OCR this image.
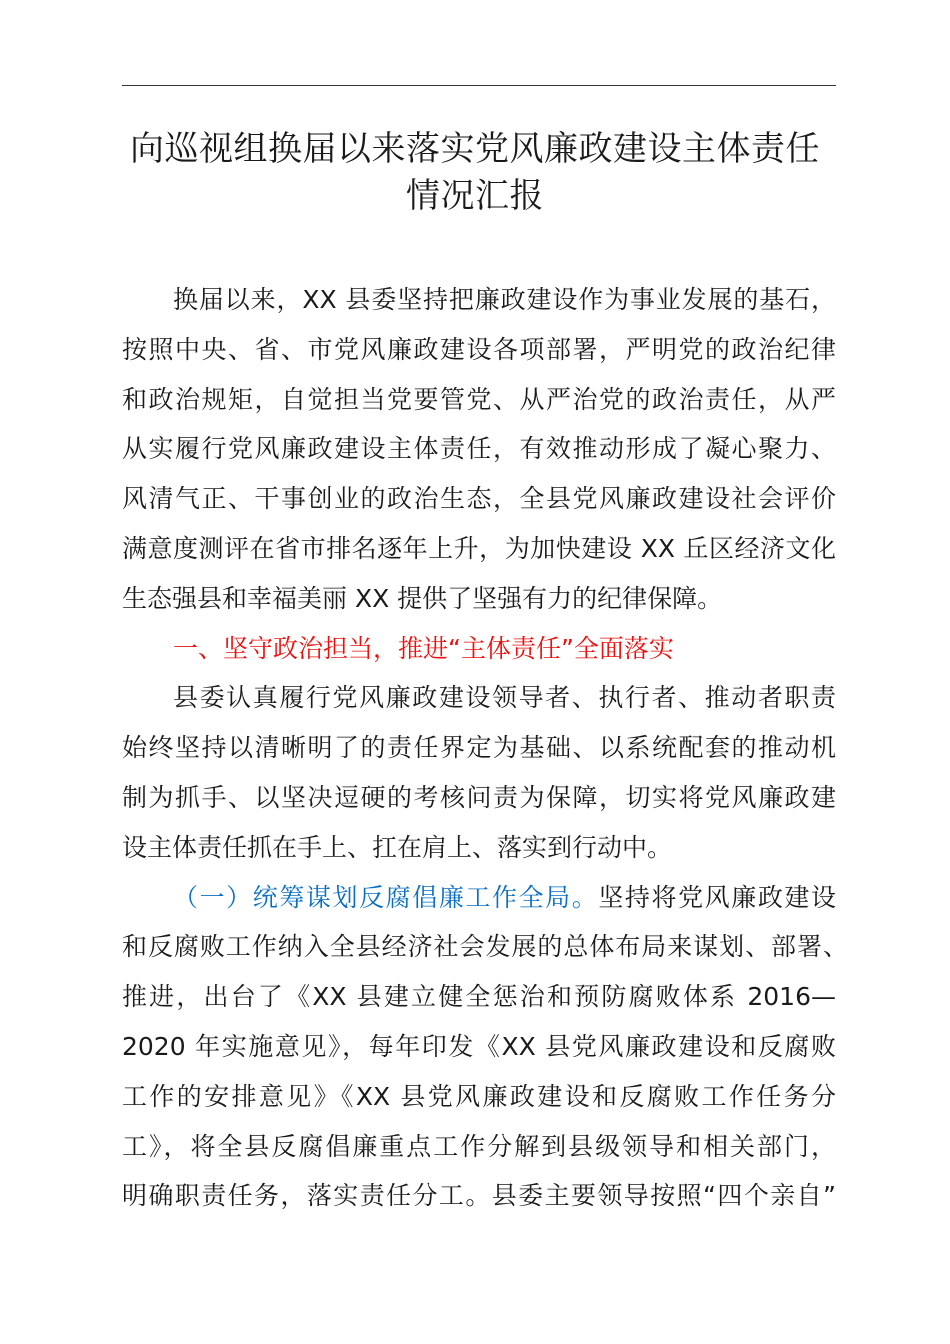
向巡视组换届以来落实党风廉政建设主体责任
情况汇报
换届以来，XX 县委坚持把廉政建设作为事业发展的基石，
按照中央、省、市党风廉政建设各项部署，严明党的政治纪律
和政治规矩，自觉担当党要管党、从严治党的政治责任，从严
从实履行党风廉政建设主体责任，有效推动形成了凝心聚力、
风清气正、干事创业的政治生态，全县党风廉政建设社会评价
满意度测评在省市排名逐年上升，为加快建设 XX 丘区经济文化
生态强县和幸福美丽 XX 提供了坚强有力的纪律保障。
一、坚守政治担当，推进“主体责任”全面落实
县委认真履行党风廉政建设领导者、执行者、推动者职责
始终坚持以清晰明了的责任界定为基础、以系统配套的推动机
制为抓手、以坚决逗硬的考核问责为保障，切实将党风廉政建
设主体责任抓在手上、扛在肩上、落实到行动中。
（一）统筹谋划反腐倡廉工作全局。坚持将党风廉政建设
和反腐败工作纳入全县经济社会发展的总体布局来谋划、部署、
推进，出台了《XX 县建立健全惩治和预防腐败体系 2016—
2020 年实施意见》，每年印发《XX 县党风廉政建设和反腐败
工作的安排意见》《XX 县党风廉政建设和反腐败工作任务分
工》，将全县反腐倡廉重点工作分解到县级领导和相关部门，
明确职责任务，落实责任分工。县委主要领导按照“四个亲自”
